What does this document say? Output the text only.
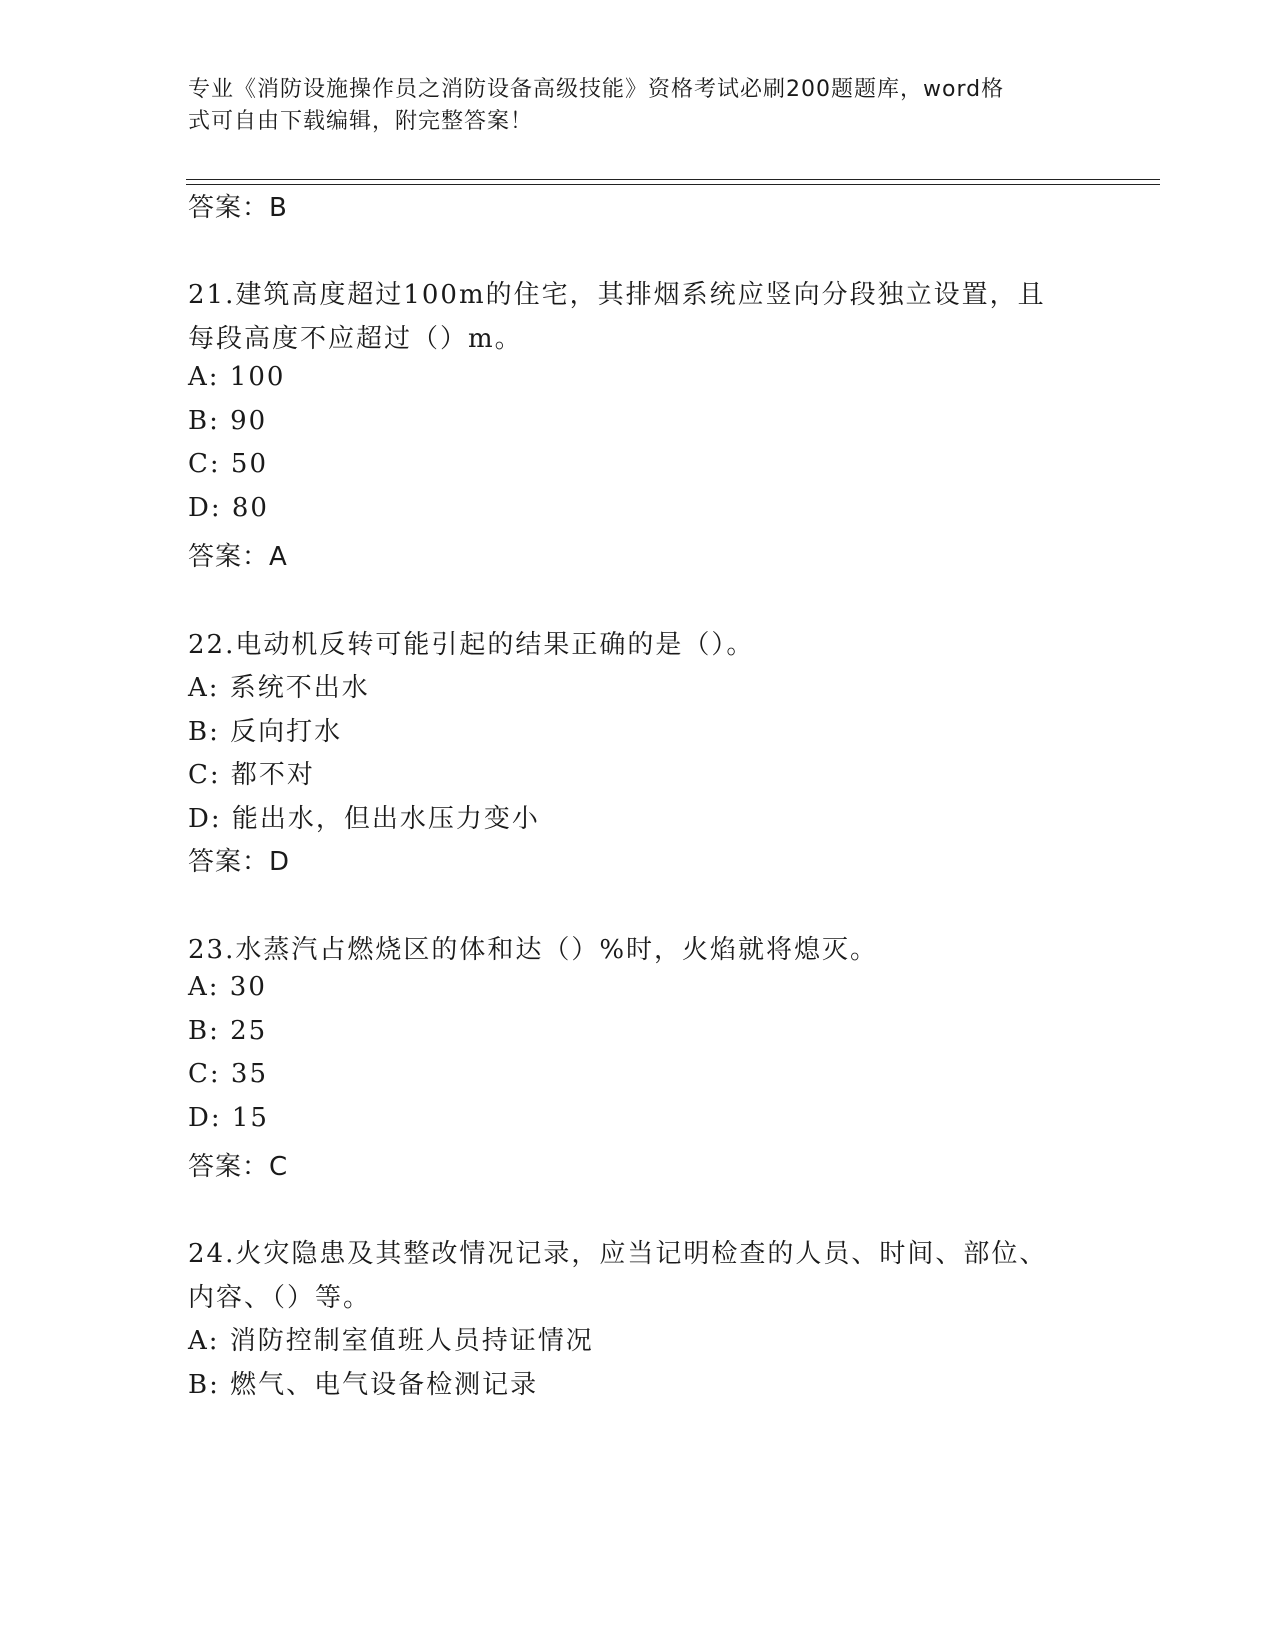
专业《消防设施操作员之消防设备高级技能》资格考试必刷200题题库，word格
式可自由下载编辑，附完整答案！
答案：B
21.建筑高度超过100m的住宅，其排烟系统应竖向分段独立设置，且
每段高度不应超过（）m。
A: 100
B: 90
C: 50
D: 80
答案：A
22.电动机反转可能引起的结果正确的是（）。
A: 系统不出水
B: 反向打水
C: 都不对
D: 能出水，但出水压力变小
答案：D
23.水蒸汽占燃烧区的体和达（）%时，火焰就将熄灭。
A: 30
B: 25
C: 35
D: 15
答案：C
24.火灾隐患及其整改情况记录，应当记明检查的人员、时间、部位、
内容、（）等。
A: 消防控制室值班人员持证情况
B: 燃气、电气设备检测记录
